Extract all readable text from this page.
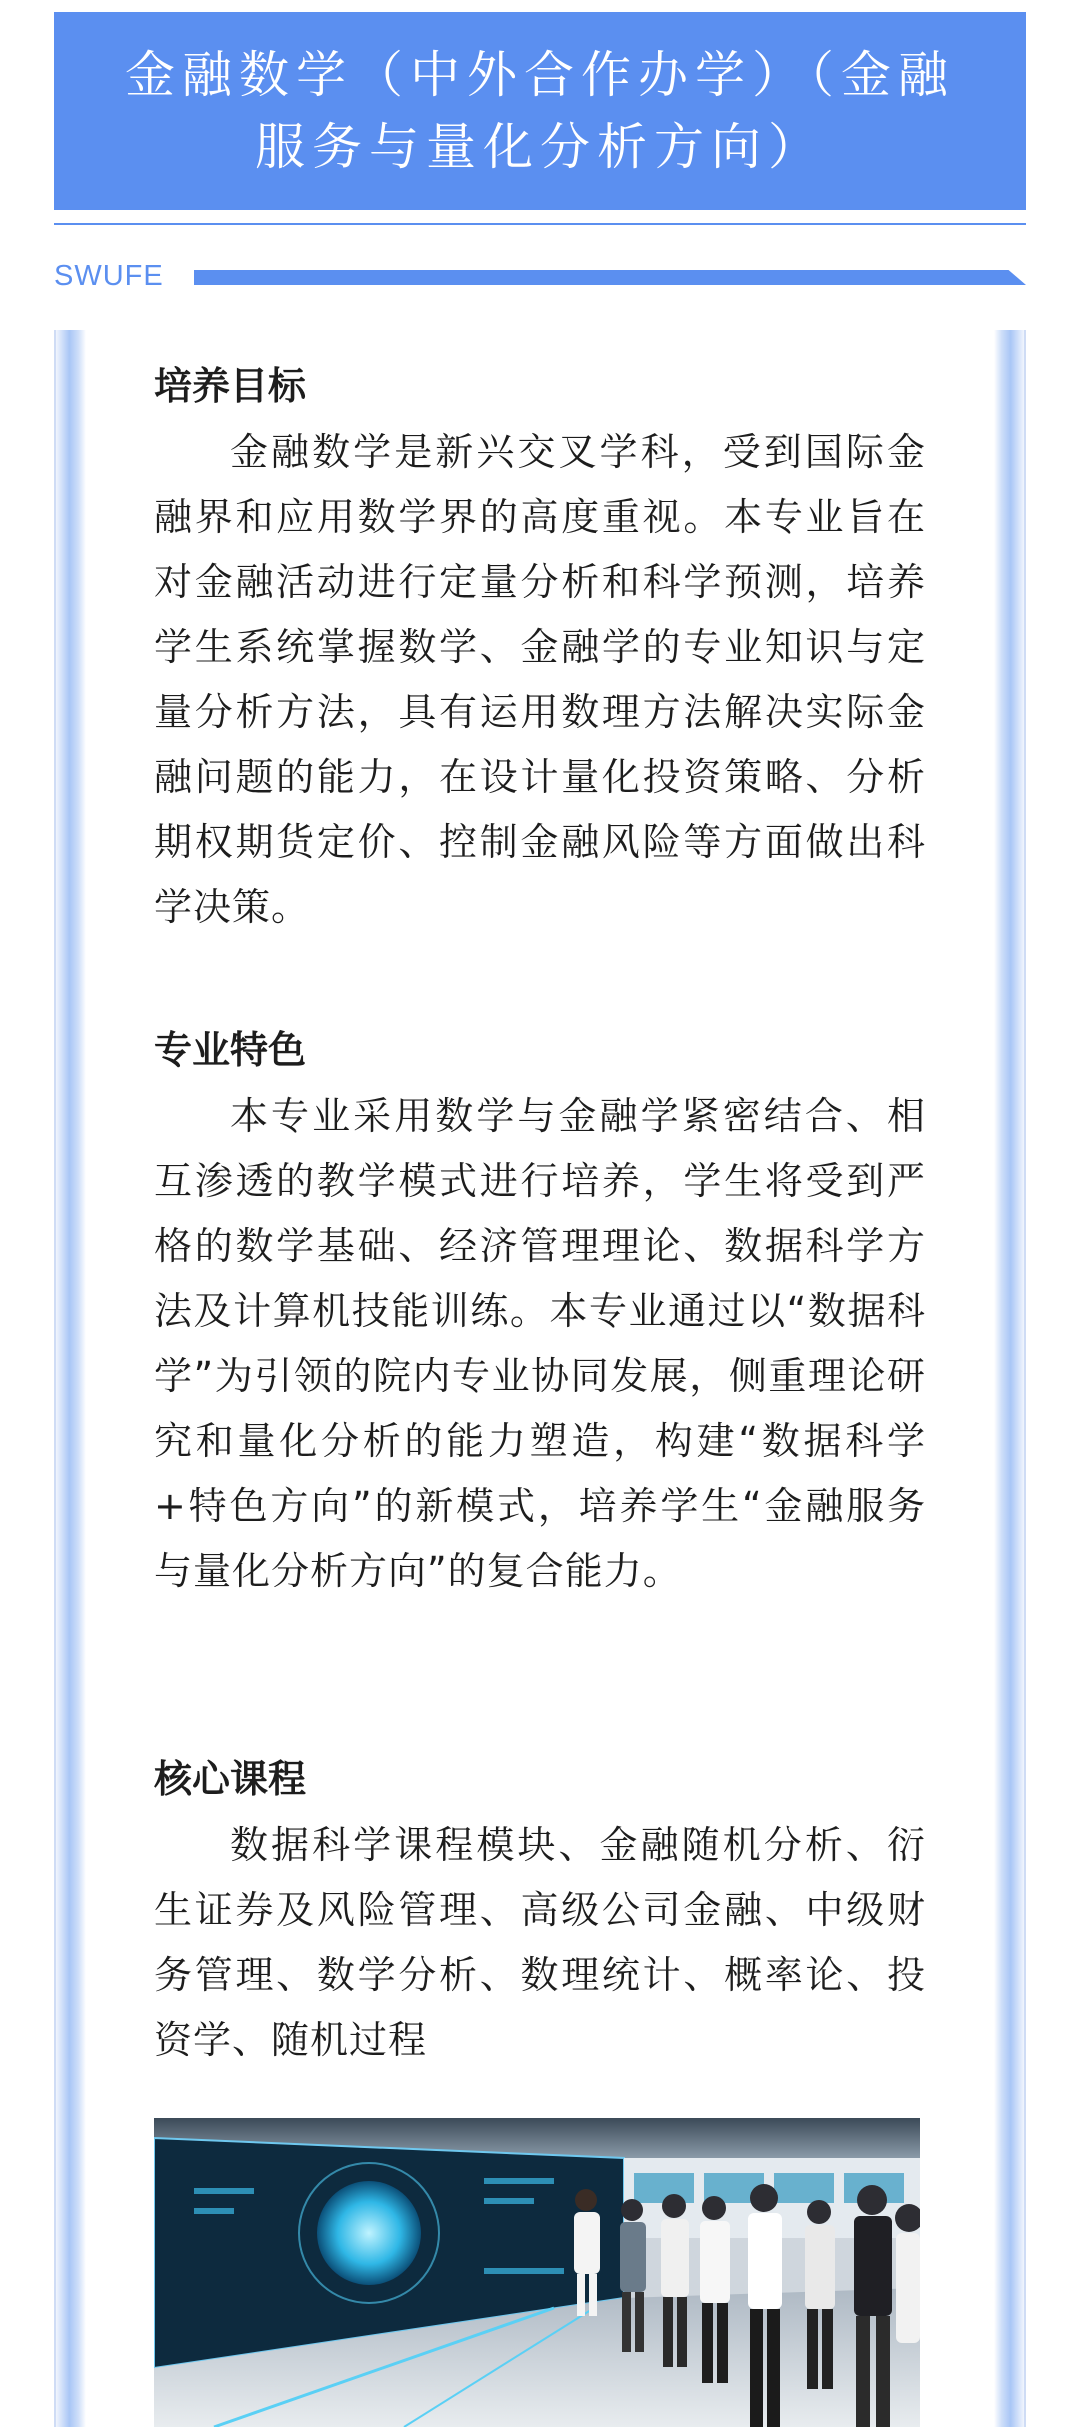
金融数学（中外合作办学）（金融
服务与量化分析方向）
SWUFE
培养目标

金融数学是新兴交叉学科，受到国际金融界和应用数学界的高度重视。本专业旨在对金融活动进行定量分析和科学预测，培养学生系统掌握数学、金融学的专业知识与定量分析方法，具有运用数理方法解决实际金融问题的能力，在设计量化投资策略、分析期权期货定价、控制金融风险等方面做出科学决策。

专业特色

本专业采用数学与金融学紧密结合、相互渗透的教学模式进行培养，学生将受到严格的数学基础、经济管理理论、数据科学方法及计算机技能训练。本专业通过以“数据科学”为引领的院内专业协同发展，侧重理论研究和量化分析的能力塑造，构建“数据科学+特色方向”的新模式，培养学生“金融服务与量化分析方向”的复合能力。

核心课程

数据科学课程模块、金融随机分析、衍生证券及风险管理、高级公司金融、中级财务管理、数学分析、数理统计、概率论、投资学、随机过程
